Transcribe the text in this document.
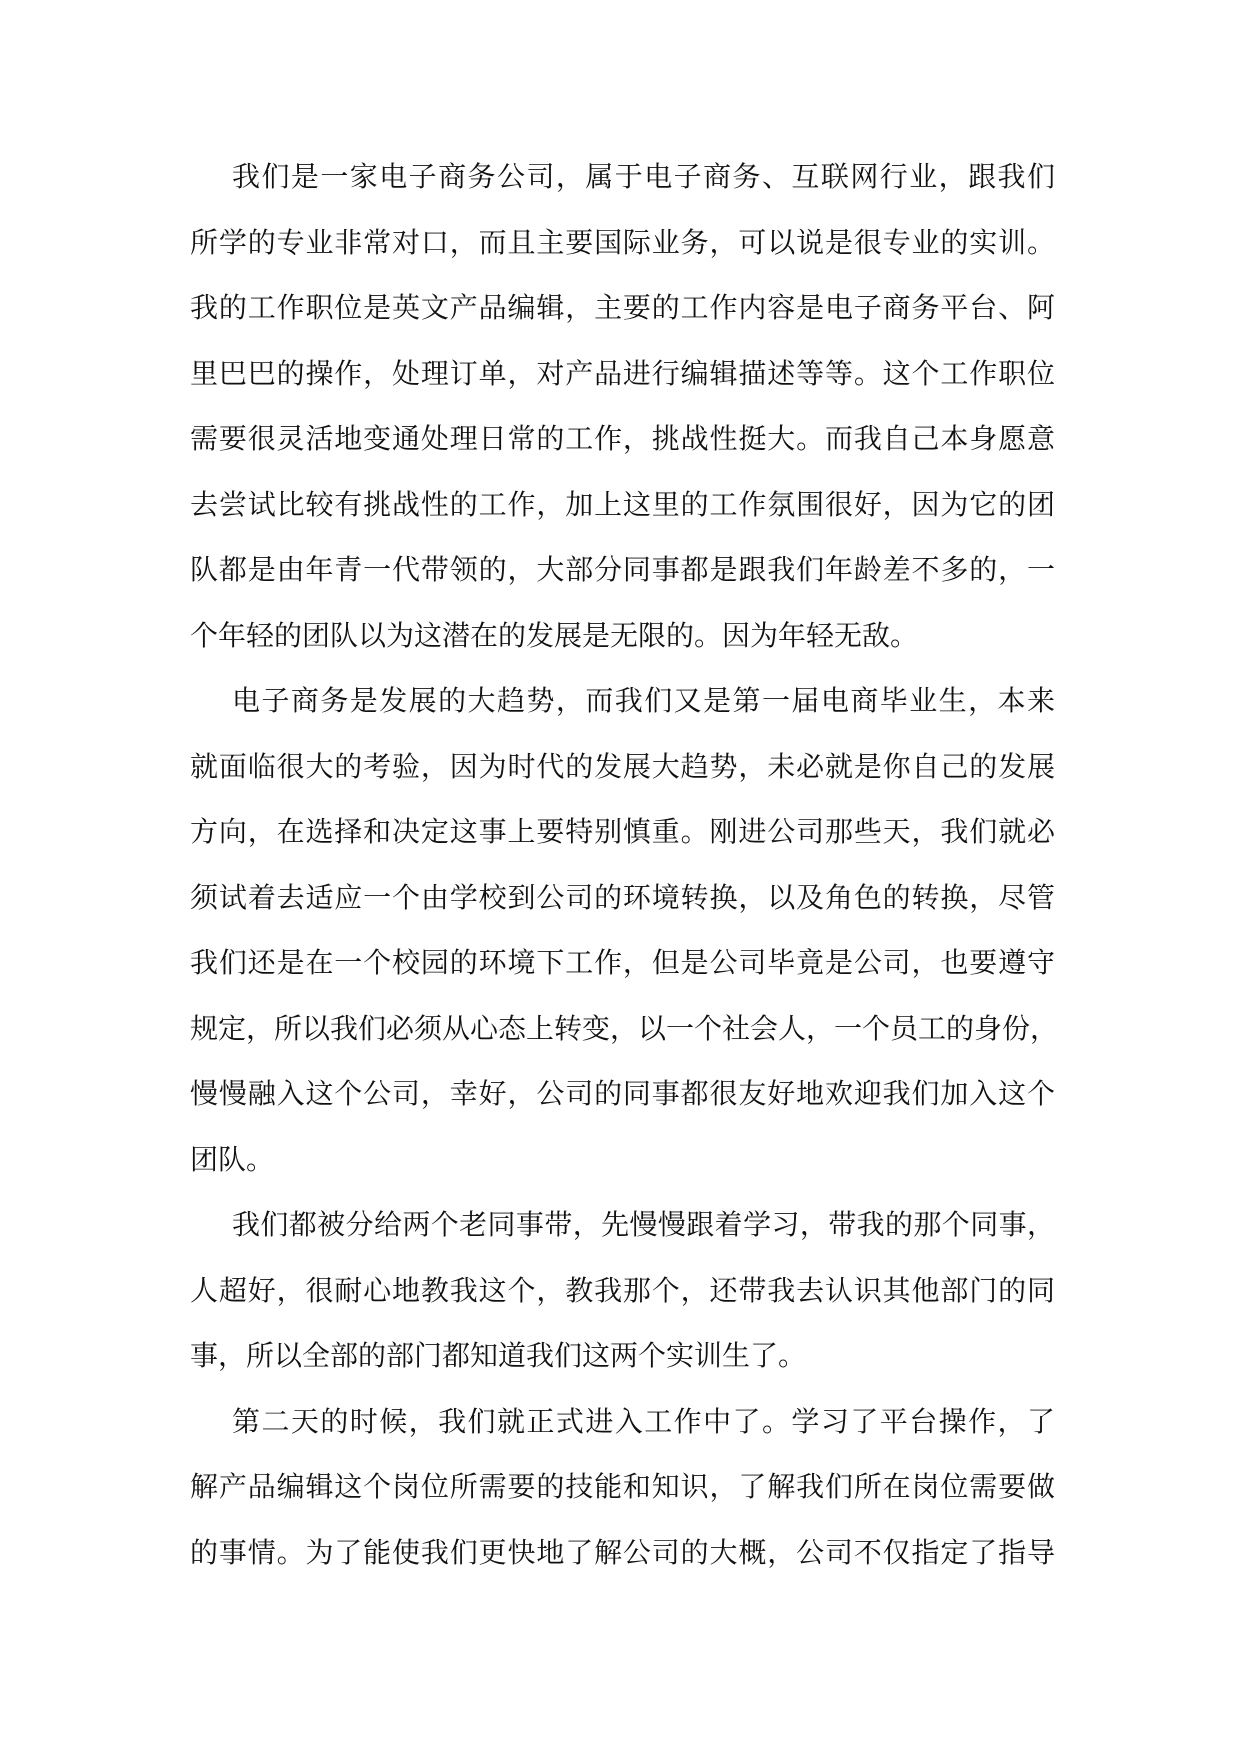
我们是一家电子商务公司，属于电子商务、互联网行业，跟我们
所学的专业非常对口，而且主要国际业务，可以说是很专业的实训。
我的工作职位是英文产品编辑，主要的工作内容是电子商务平台、阿
里巴巴的操作，处理订单，对产品进行编辑描述等等。这个工作职位
需要很灵活地变通处理日常的工作，挑战性挺大。而我自己本身愿意
去尝试比较有挑战性的工作，加上这里的工作氛围很好，因为它的团
队都是由年青一代带领的，大部分同事都是跟我们年龄差不多的，一
个年轻的团队以为这潜在的发展是无限的。因为年轻无敌。
电子商务是发展的大趋势，而我们又是第一届电商毕业生，本来
就面临很大的考验，因为时代的发展大趋势，未必就是你自己的发展
方向，在选择和决定这事上要特别慎重。刚进公司那些天，我们就必
须试着去适应一个由学校到公司的环境转换，以及角色的转换，尽管
我们还是在一个校园的环境下工作，但是公司毕竟是公司，也要遵守
规定，所以我们必须从心态上转变，以一个社会人，一个员工的身份，
慢慢融入这个公司，幸好，公司的同事都很友好地欢迎我们加入这个
团队。
我们都被分给两个老同事带，先慢慢跟着学习，带我的那个同事，
人超好，很耐心地教我这个，教我那个，还带我去认识其他部门的同
事，所以全部的部门都知道我们这两个实训生了。
第二天的时候，我们就正式进入工作中了。学习了平台操作，了
解产品编辑这个岗位所需要的技能和知识，了解我们所在岗位需要做
的事情。为了能使我们更快地了解公司的大概，公司不仅指定了指导
